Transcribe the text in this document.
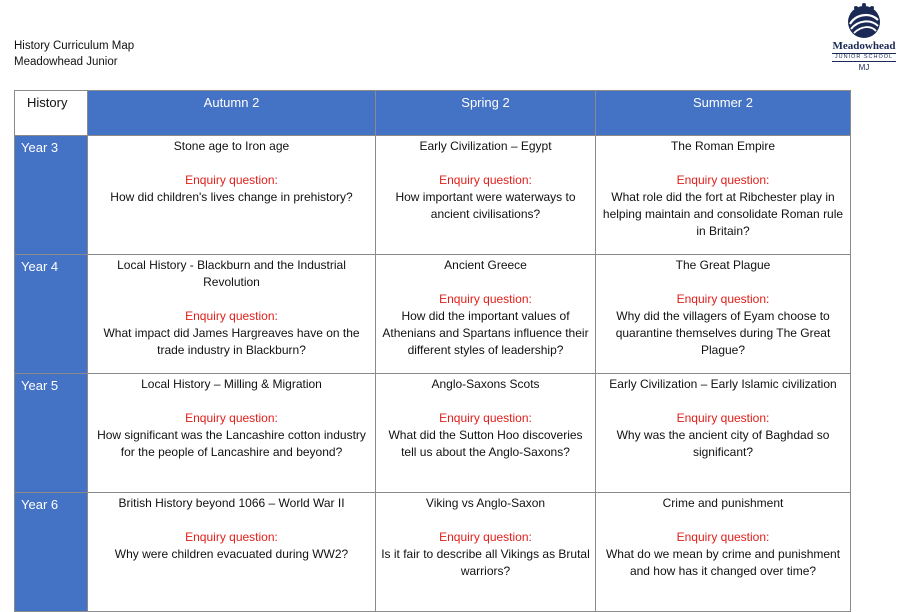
History Curriculum Map
Meadowhead Junior
Meadowhead
JUNIOR SCHOOL
MJ
History	Autumn 2	Spring 2	Summer 2
Year 3	Stone age to Iron age
Enquiry question:
How did children's lives change in prehistory?	Early Civilization – Egypt
Enquiry question:
How important were waterways to ancient civilisations?	The Roman Empire
Enquiry question:
What role did the fort at Ribchester play in helping maintain and consolidate Roman rule in Britain?

Year 4	Local History - Blackburn and the Industrial Revolution
Enquiry question:
What impact did James Hargreaves have on the trade industry in Blackburn?	Ancient Greece
Enquiry question:
How did the important values of Athenians and Spartans influence their different styles of leadership?	The Great Plague
Enquiry question:
Why did the villagers of Eyam choose to quarantine themselves during The Great Plague?

Year 5	Local History – Milling & Migration
Enquiry question:
How significant was the Lancashire cotton industry for the people of Lancashire and beyond?	Anglo-Saxons Scots
Enquiry question:
What did the Sutton Hoo discoveries tell us about the Anglo-Saxons?	Early Civilization – Early Islamic civilization
Enquiry question:
Why was the ancient city of Baghdad so significant?

Year 6	British History beyond 1066 – World War II
Enquiry question:
Why were children evacuated during WW2?	Viking vs Anglo-Saxon
Enquiry question:
Is it fair to describe all Vikings as Brutal warriors?	Crime and punishment
Enquiry question:
What do we mean by crime and punishment and how has it changed over time?
